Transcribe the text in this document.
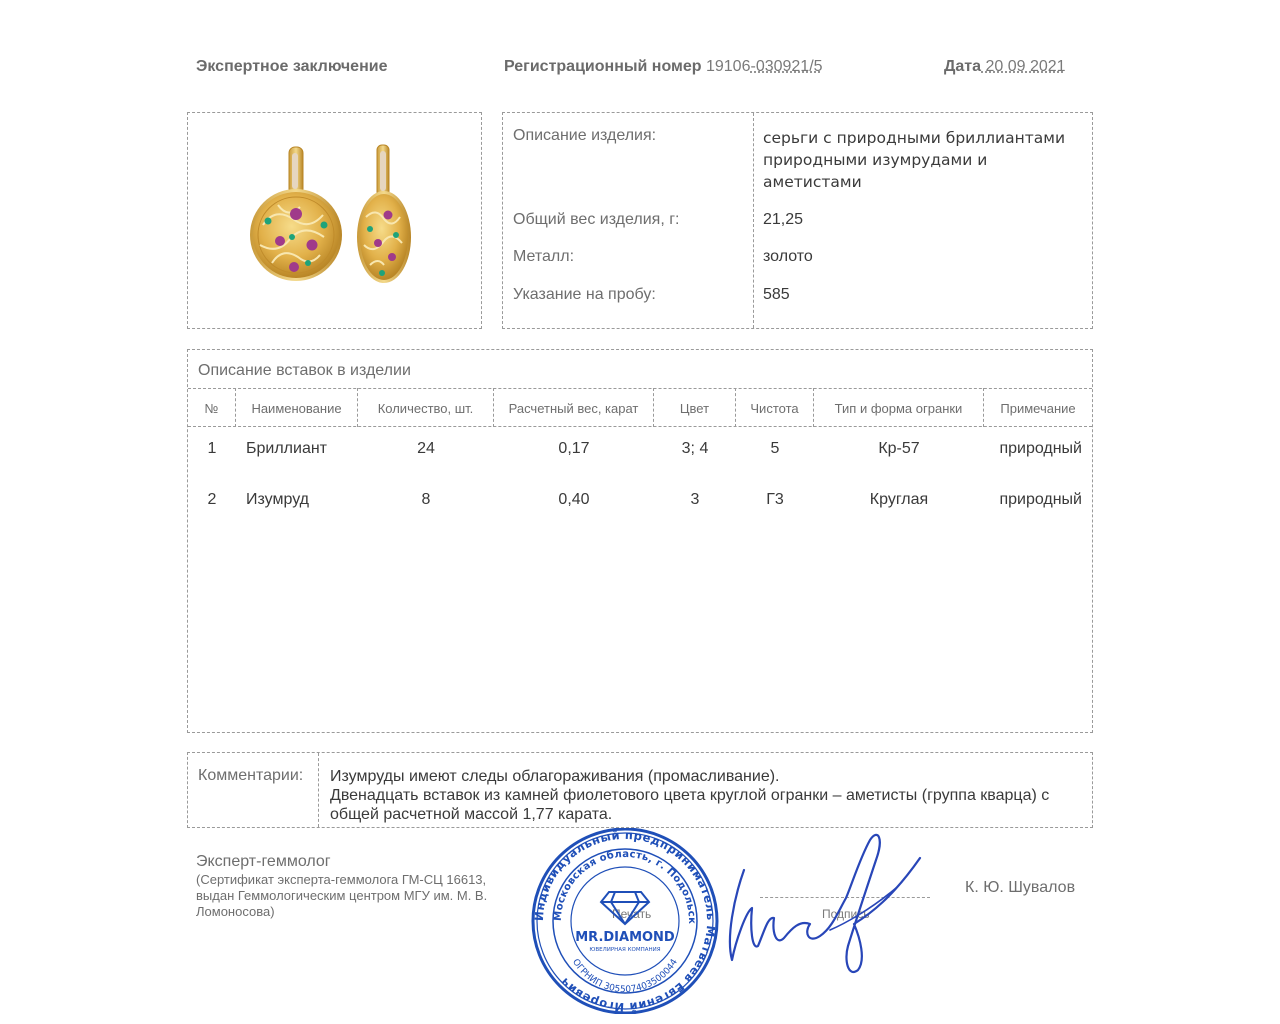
Экспертное заключение	Регистрационный номер 19106-030921/5	Дата 20 09 2021
Описание изделия:	серьги с природными бриллиантами природными изумрудами и аметистами
Общий вес изделия, г:	21,25
Металл:	золото
Указание на пробу:	585
Описание вставок в изделии
№	Наименование	Количество, шт.	Расчетный вес, карат	Цвет	Чистота	Тип и форма огранки	Примечание
1	Бриллиант	24	0,17	3; 4	5	Кр-57	природный
2	Изумруд	8	0,40	3	Г3	Круглая	природный
Комментарии: Изумруды имеют следы облагораживания (промасливание).
Двенадцать вставок из камней фиолетового цвета круглой огранки – аметисты (группа кварца) с общей расчетной массой 1,77 карата.
Эксперт-геммолог
(Сертификат эксперта-геммолога ГМ-СЦ 16613, выдан Геммологическим центром МГУ им. М. В. Ломоносова)	Печать	Подпись
К. Ю. Шувалов
Индивидуальный предприниматель Матвеев Евгений Игоревич
Московская область, г. Подольск
ОГРНИП 305507403500044
MR.DIAMOND
ЮВЕЛИРНАЯ КОМПАНИЯ
